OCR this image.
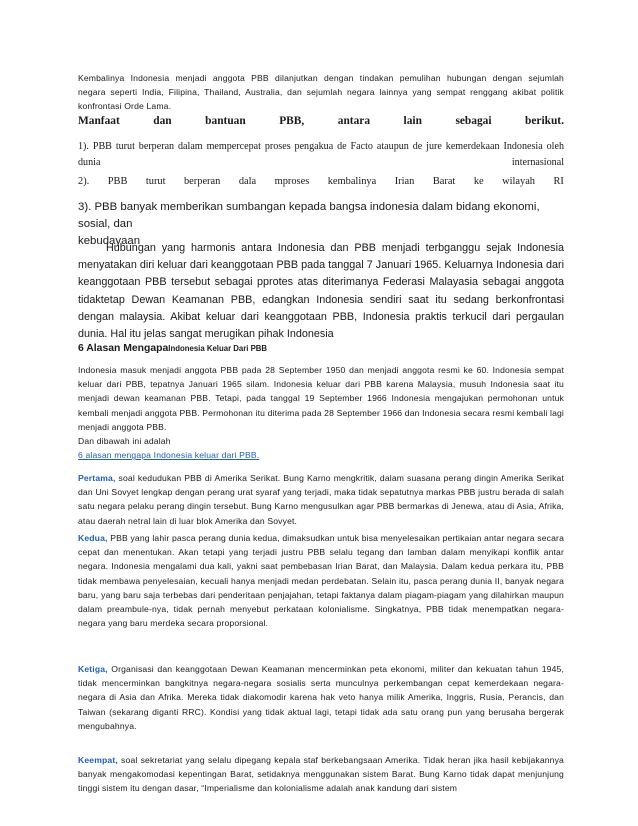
Kembalinya Indonesia menjadi anggota PBB dilanjutkan dengan tindakan pemulihan hubungan dengan sejumlah
negara seperti India, Filipina, Thailand, Australia, dan sejumlah negara lainnya yang sempat renggang akibat politik
konfrontasi Orde Lama.
Manfaat	dan	bantuan	PBB,	antara	lain	sebagai	berikut.
1). PBB turut berperan dalam mempercepat proses pengakua de Facto ataupun de jure kemerdekaan Indonesia oleh
dunia	internasional
2). PBB turut berperan dala mproses kembalinya Irian Barat ke wilayah RI
3). PBB banyak memberikan sumbangan kepada bangsa indonesia dalam bidang ekonomi, sosial, dan
kebudayaan
Hubungan yang harmonis antara Indonesia dan PBB menjadi terbganggu sejak Indonesia menyatakan diri keluar dari keanggotaan PBB pada tanggal 7 Januari 1965. Keluarnya Indonesia dari keanggotaan PBB tersebut sebagai pprotes atas diterimanya Federasi Malayasia sebagai anggota tidaktetap Dewan Keamanan PBB, edangkan Indonesia sendiri saat itu sedang berkonfrontasi dengan malaysia. Akibat keluar dari keanggotaan PBB, Indonesia praktis terkucil dari pergaulan dunia. Hal itu jelas sangat merugikan pihak Indonesia
6 Alasan MengapaIndonesia Keluar Dari PBB
Indonesia masuk menjadi anggota PBB pada 28 September 1950 dan menjadi anggota resmi ke 60. Indonesia sempat keluar dari PBB, tepatnya Januari 1965 silam. Indonesia keluar dari PBB karena Malaysia, musuh Indonesia saat itu menjadi dewan keamanan PBB. Tetapi, pada tanggal 19 September 1966 Indonesia mengajukan permohonan untuk kembali menjadi anggota PBB. Permohonan itu diterima pada 28 September 1966 dan Indonesia secara resmi kembali lagi menjadi anggota PBB.
Dan dibawah ini adalah
6 alasan mengapa Indonesia keluar dari PBB.
Pertama, soal kedudukan PBB di Amerika Serikat. Bung Karno mengkritik, dalam suasana perang dingin Amerika Serikat dan Uni Sovyet lengkap dengan perang urat syaraf yang terjadi, maka tidak sepatutnya markas PBB justru berada di salah satu negara pelaku perang dingin tersebut. Bung Karno mengusulkan agar PBB bermarkas di Jenewa, atau di Asia, Afrika, atau daerah netral lain di luar blok Amerika dan Sovyet.
Kedua, PBB yang lahir pasca perang dunia kedua, dimaksudkan untuk bisa menyelesaikan pertikaian antar negara secara cepat dan menentukan. Akan tetapi yang terjadi justru PBB selalu tegang dan lamban dalam menyikapi konflik antar negara. Indonesia mengalami dua kali, yakni saat pembebasan Irian Barat, dan Malaysia. Dalam kedua perkara itu, PBB tidak membawa penyelesaian, kecuali hanya menjadi medan perdebatan. Selain itu, pasca perang dunia II, banyak negara baru, yang baru saja terbebas dari penderitaan penjajahan, tetapi faktanya dalam piagam-piagam yang dilahirkan maupun dalam preambule-nya, tidak pernah menyebut perkataan kolonialisme. Singkatnya, PBB tidak menempatkan negara-negara yang baru merdeka secara proporsional.
Ketiga, Organisasi dan keanggotaan Dewan Keamanan mencerminkan peta ekonomi, militer dan kekuatan tahun 1945, tidak mencerminkan bangkitnya negara-negara sosialis serta munculnya perkembangan cepat kemerdekaan negara-negara di Asia dan Afrika. Mereka tidak diakomodir karena hak veto hanya milik Amerika, Inggris, Rusia, Perancis, dan Taiwan (sekarang diganti RRC). Kondisi yang tidak aktual lagi, tetapi tidak ada satu orang pun yang berusaha bergerak mengubahnya.
Keempat, soal sekretariat yang selalu dipegang kepala staf berkebangsaan Amerika. Tidak heran jika hasil kebijakannya banyak mengakomodasi kepentingan Barat, setidaknya menggunakan sistem Barat. Bung Karno tidak dapat menjunjung tinggi sistem itu dengan dasar, “Imperialisme dan kolonialisme adalah anak kandung dari sistem
